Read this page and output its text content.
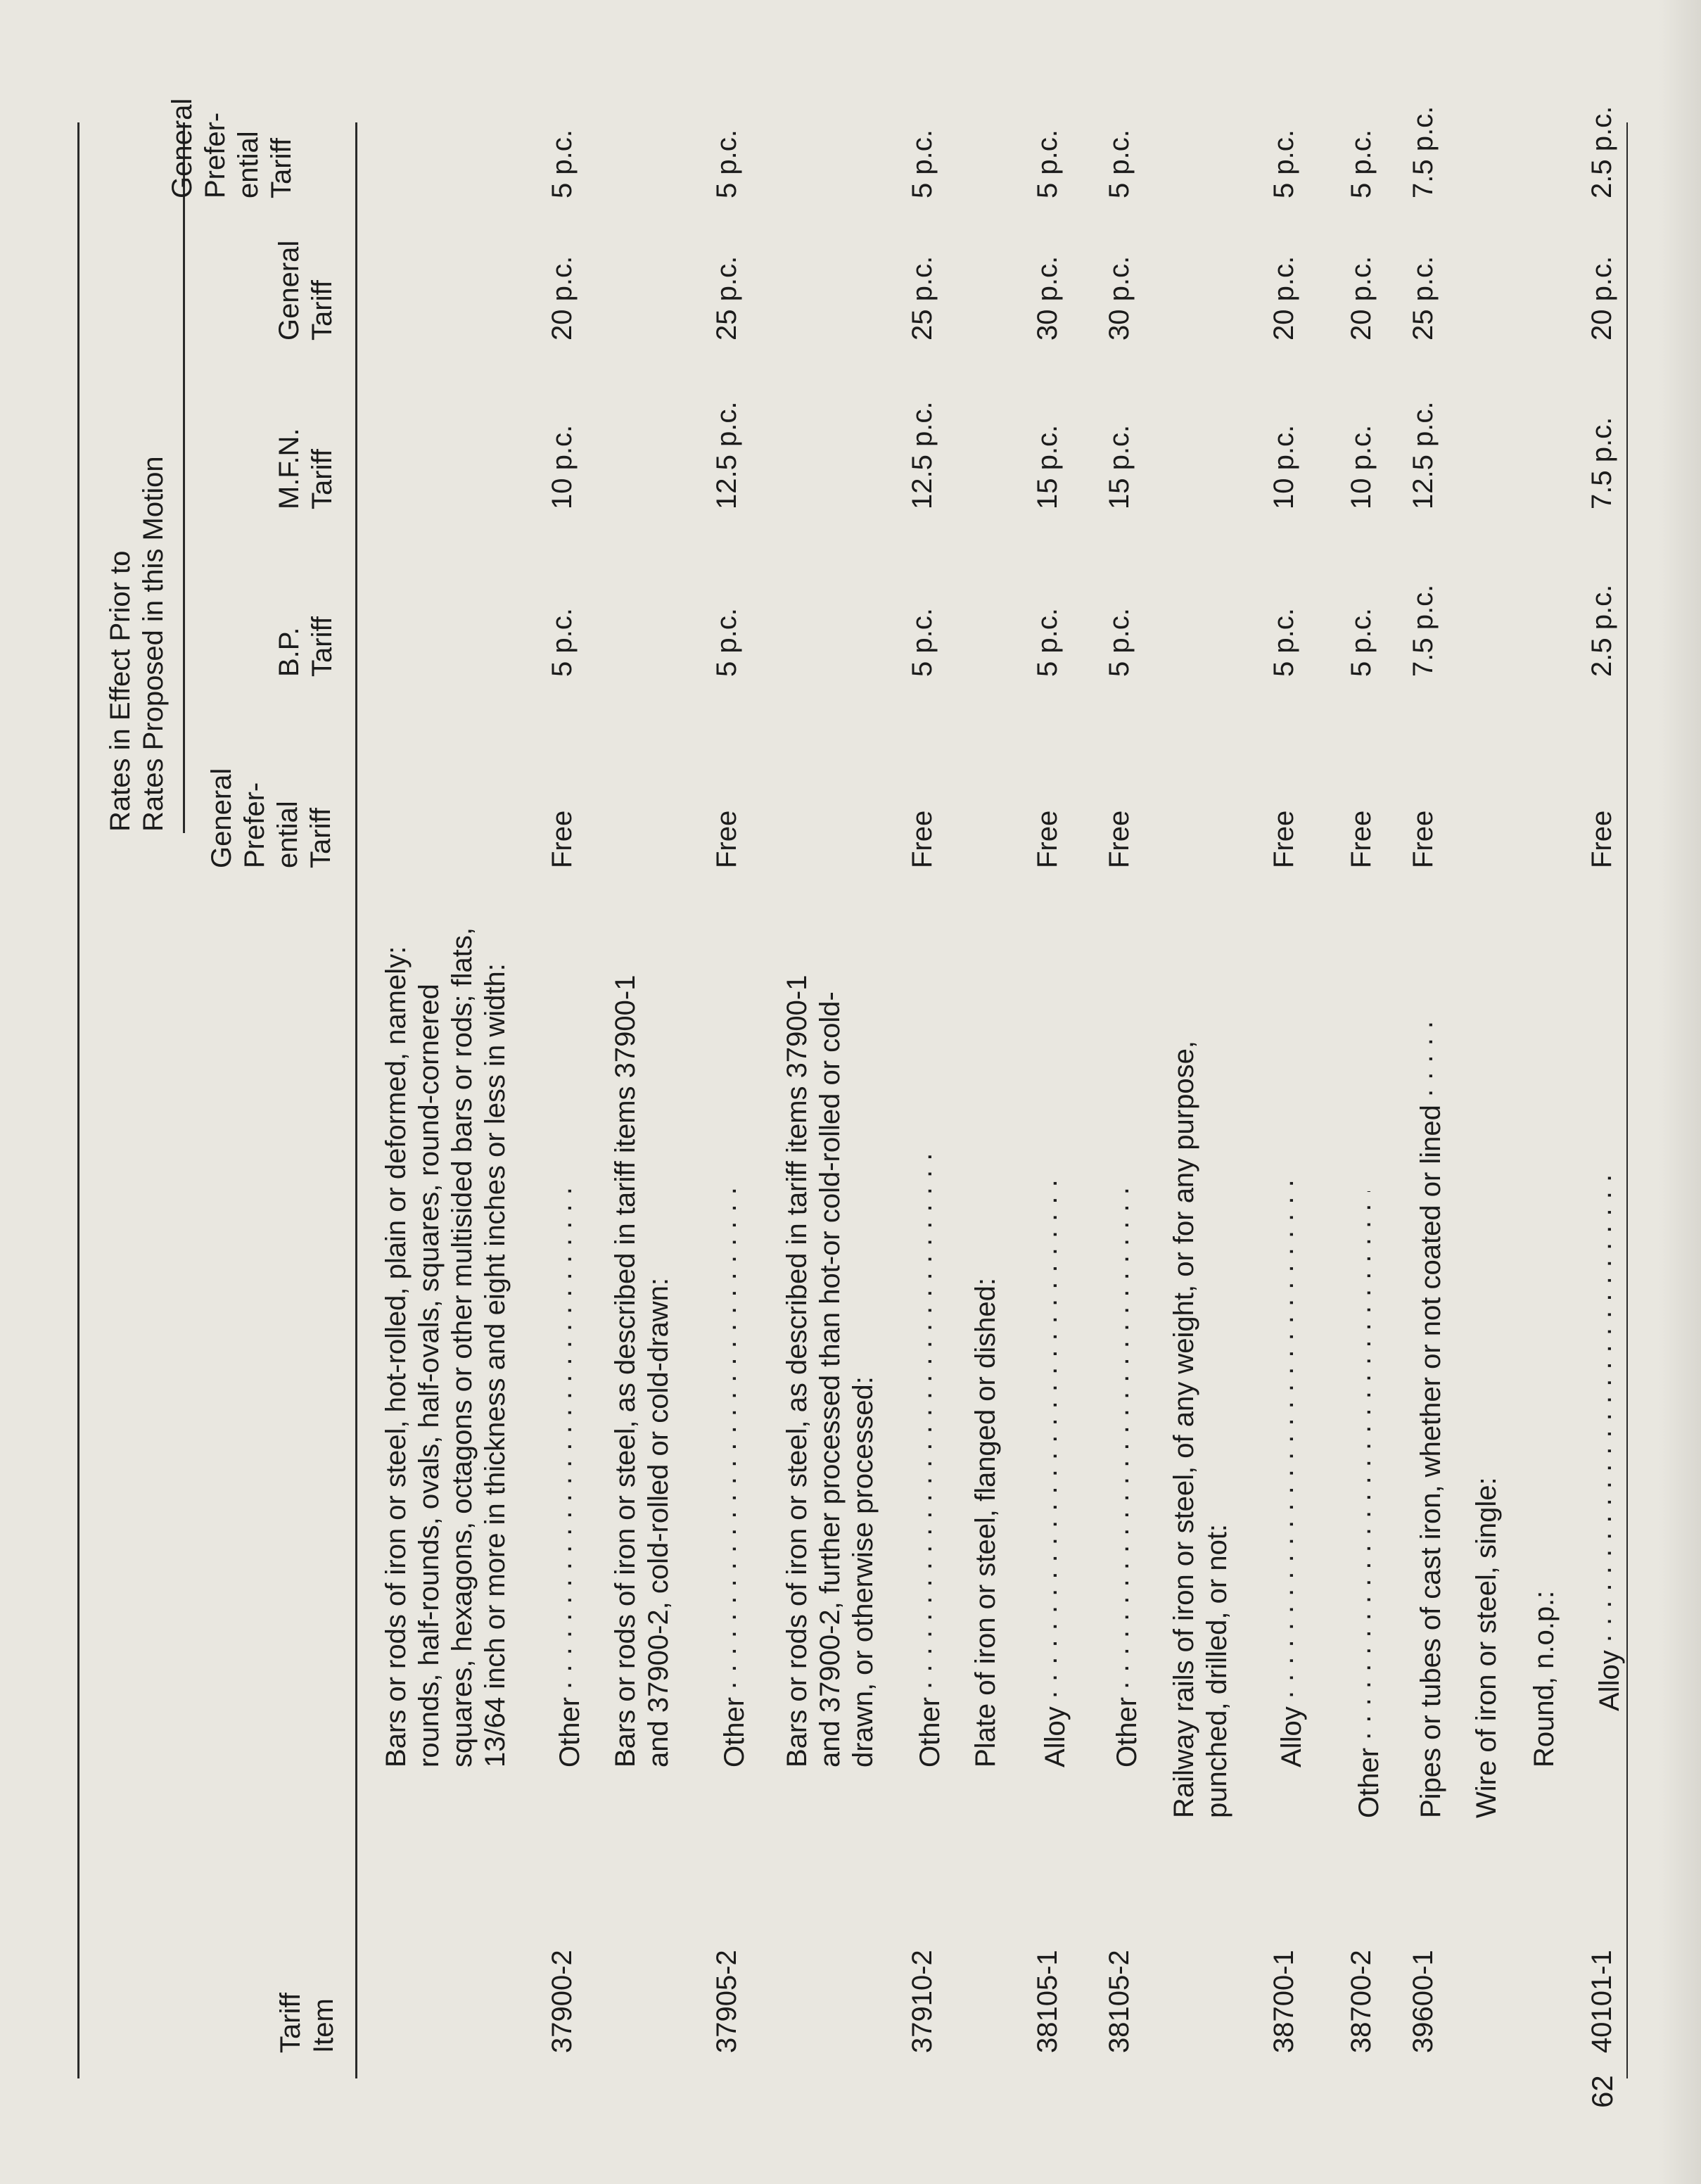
62
Tariff
Item
General
Prefer-
ential
Tariff
Rates in Effect Prior to
Rates Proposed in this Motion
B.P.
Tariff
M.F.N.
Tariff
General
Tariff
General
Prefer-
ential
Tariff
Bars or rods of iron or steel, hot-rolled, plain or deformed, namely: rounds, half-rounds, ovals, half-ovals, squares, round-cornered squares, hexagons, octagons or other multisided bars or rods; flats, 13/64 inch or more in thickness and eight inches or less in width:
37900-2
Other . . .
Free
5 p.c.
10 p.c.
20 p.c.
5 p.c.
Bars or rods of iron or steel, as described in tariff items 37900-1 and 37900-2, cold-rolled or cold-drawn:
37905-2
Other . . .
Free
5 p.c.
12.5 p.c.
25 p.c.
5 p.c.
Bars or rods of iron or steel, as described in tariff items 37900-1 and 37900-2, further processed than hot-or cold-rolled or cold-drawn, or otherwise processed:
37910-2
Other . . .
Free
5 p.c.
12.5 p.c.
25 p.c.
5 p.c.
Plate of iron or steel, flanged or dished:
38105-1
Alloy . . .
Free
5 p.c.
15 p.c.
30 p.c.
5 p.c.
38105-2
Other . . .
Free
5 p.c.
15 p.c.
30 p.c.
5 p.c.
Railway rails of iron or steel, of any weight, or for any purpose, punched, drilled, or not:
38700-1
Alloy . . .
Free
5 p.c.
10 p.c.
20 p.c.
5 p.c.
38700-2
Other . . .
Free
5 p.c.
10 p.c.
20 p.c.
5 p.c.
39600-1
Pipes or tubes of cast iron, whether or not coated or lined . . .
Free
7.5 p.c.
12.5 p.c.
25 p.c.
7.5 p.c.
Wire of iron or steel, single: Round, n.o.p.:
40101-1
Alloy . . .
Free
2.5 p.c.
7.5 p.c.
20 p.c.
2.5 p.c.
